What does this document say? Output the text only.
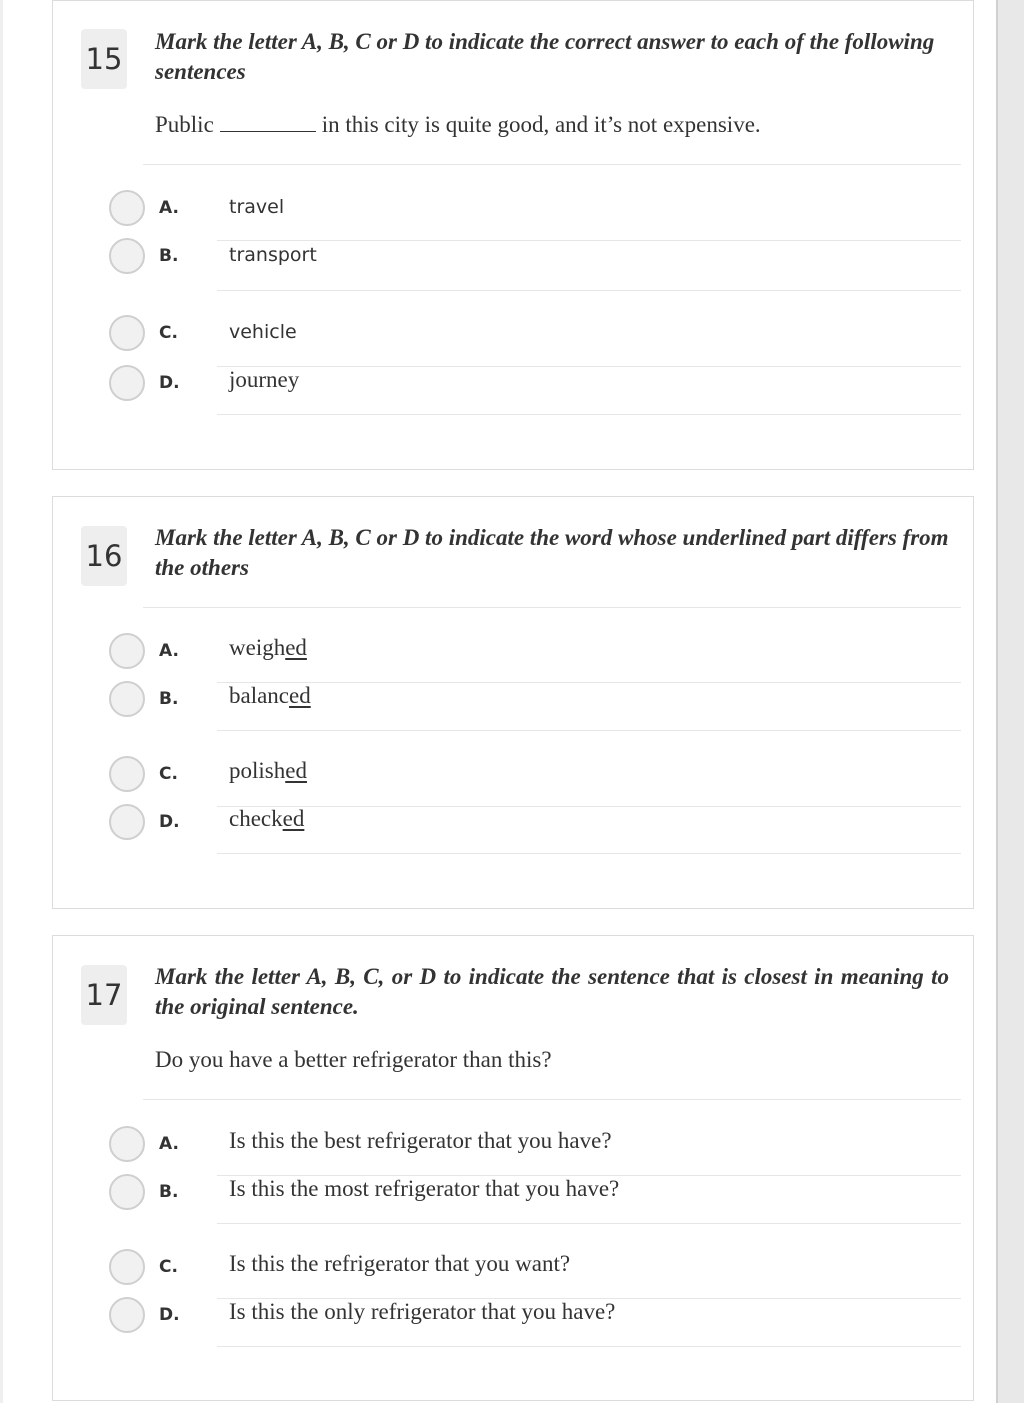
15
Mark the letter A, B, C or D to indicate the correct answer to each of the following sentences
Public	in this city is quite good, and it’s not expensive.
A.	travel
B.	transport
C.	vehicle
D. journey
16
Mark the letter A, B, C or D to indicate the word whose underlined part differs from the others
A. weighed
B. balanced
C. polished
D. checked
17
Mark the letter A, B, C, or D to indicate the sentence that is closest in meaning to the original sentence.
Do you have a better refrigerator than this?
A. Is this the best refrigerator that you have?
B. Is this the most refrigerator that you have?
C. Is this the refrigerator that you want?
D. Is this the only refrigerator that you have?
